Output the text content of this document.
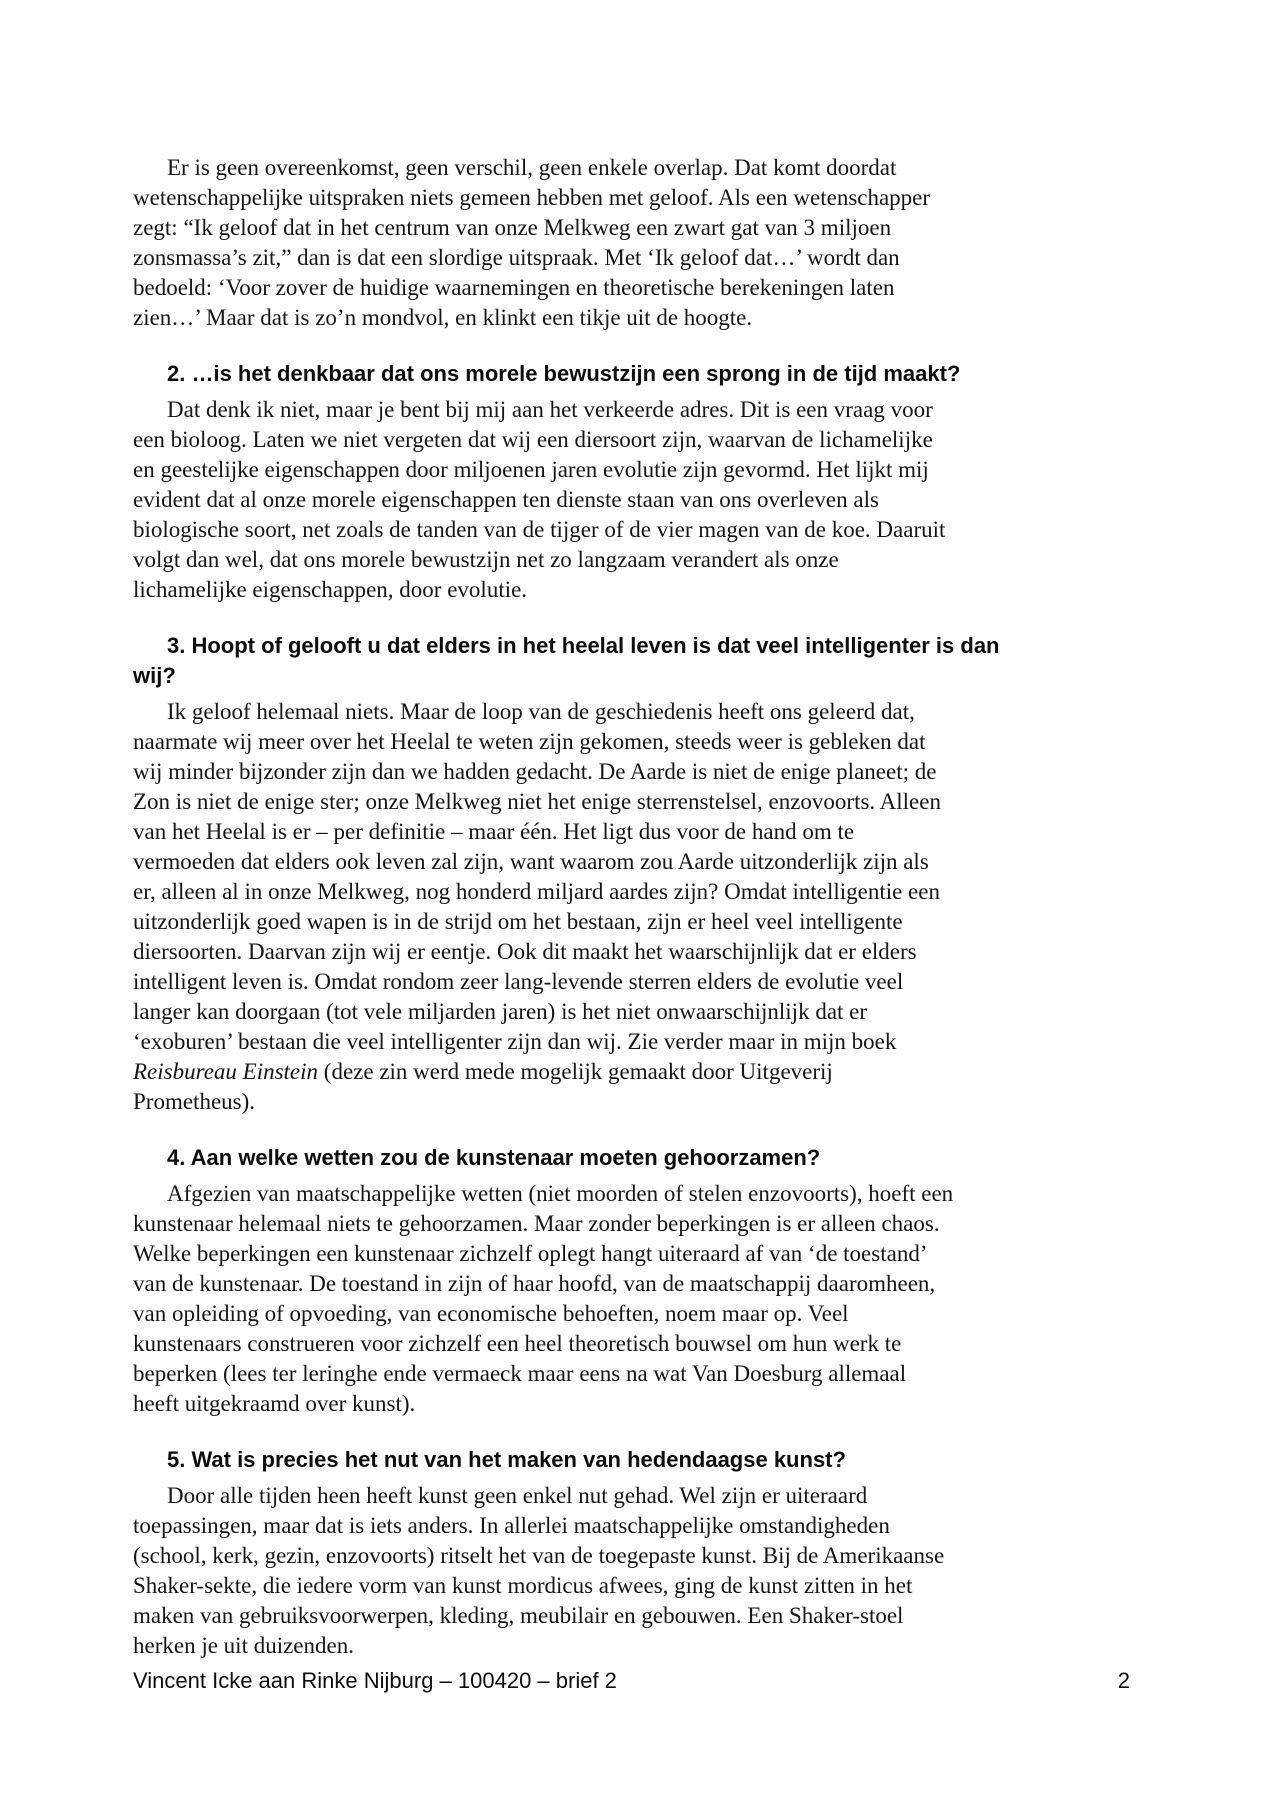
Er is geen overeenkomst, geen verschil, geen enkele overlap. Dat komt doordat
wetenschappelijke uitspraken niets gemeen hebben met geloof. Als een wetenschapper
zegt: “Ik geloof dat in het centrum van onze Melkweg een zwart gat van 3 miljoen
zonsmassa’s zit,” dan is dat een slordige uitspraak. Met ‘Ik geloof dat…’ wordt dan
bedoeld: ‘Voor zover de huidige waarnemingen en theoretische berekeningen laten
zien…’ Maar dat is zo’n mondvol, en klinkt een tikje uit de hoogte.
2. …is het denkbaar dat ons morele bewustzijn een sprong in de tijd maakt?
Dat denk ik niet, maar je bent bij mij aan het verkeerde adres. Dit is een vraag voor
een bioloog. Laten we niet vergeten dat wij een diersoort zijn, waarvan de lichamelijke
en geestelijke eigenschappen door miljoenen jaren evolutie zijn gevormd. Het lijkt mij
evident dat al onze morele eigenschappen ten dienste staan van ons overleven als
biologische soort, net zoals de tanden van de tijger of de vier magen van de koe. Daaruit
volgt dan wel, dat ons morele bewustzijn net zo langzaam verandert als onze
lichamelijke eigenschappen, door evolutie.
3. Hoopt of gelooft u dat elders in het heelal leven is dat veel intelligenter is dan
wij?
Ik geloof helemaal niets. Maar de loop van de geschiedenis heeft ons geleerd dat,
naarmate wij meer over het Heelal te weten zijn gekomen, steeds weer is gebleken dat
wij minder bijzonder zijn dan we hadden gedacht. De Aarde is niet de enige planeet; de
Zon is niet de enige ster; onze Melkweg niet het enige sterrenstelsel, enzovoorts. Alleen
van het Heelal is er – per definitie – maar één. Het ligt dus voor de hand om te
vermoeden dat elders ook leven zal zijn, want waarom zou Aarde uitzonderlijk zijn als
er, alleen al in onze Melkweg, nog honderd miljard aardes zijn? Omdat intelligentie een
uitzonderlijk goed wapen is in de strijd om het bestaan, zijn er heel veel intelligente
diersoorten. Daarvan zijn wij er eentje. Ook dit maakt het waarschijnlijk dat er elders
intelligent leven is. Omdat rondom zeer lang-levende sterren elders de evolutie veel
langer kan doorgaan (tot vele miljarden jaren) is het niet onwaarschijnlijk dat er
‘exoburen’ bestaan die veel intelligenter zijn dan wij. Zie verder maar in mijn boek
Reisbureau Einstein (deze zin werd mede mogelijk gemaakt door Uitgeverij
Prometheus).
4. Aan welke wetten zou de kunstenaar moeten gehoorzamen?
Afgezien van maatschappelijke wetten (niet moorden of stelen enzovoorts), hoeft een
kunstenaar helemaal niets te gehoorzamen. Maar zonder beperkingen is er alleen chaos.
Welke beperkingen een kunstenaar zichzelf oplegt hangt uiteraard af van ‘de toestand’
van de kunstenaar. De toestand in zijn of haar hoofd, van de maatschappij daaromheen,
van opleiding of opvoeding, van economische behoeften, noem maar op. Veel
kunstenaars construeren voor zichzelf een heel theoretisch bouwsel om hun werk te
beperken (lees ter leringhe ende vermaeck maar eens na wat Van Doesburg allemaal
heeft uitgekraamd over kunst).
5. Wat is precies het nut van het maken van hedendaagse kunst?
Door alle tijden heen heeft kunst geen enkel nut gehad. Wel zijn er uiteraard
toepassingen, maar dat is iets anders. In allerlei maatschappelijke omstandigheden
(school, kerk, gezin, enzovoorts) ritselt het van de toegepaste kunst. Bij de Amerikaanse
Shaker-sekte, die iedere vorm van kunst mordicus afwees, ging de kunst zitten in het
maken van gebruiksvoorwerpen, kleding, meubilair en gebouwen. Een Shaker-stoel
herken je uit duizenden.
Vincent Icke aan Rinke Nijburg – 100420 – brief 2	2
